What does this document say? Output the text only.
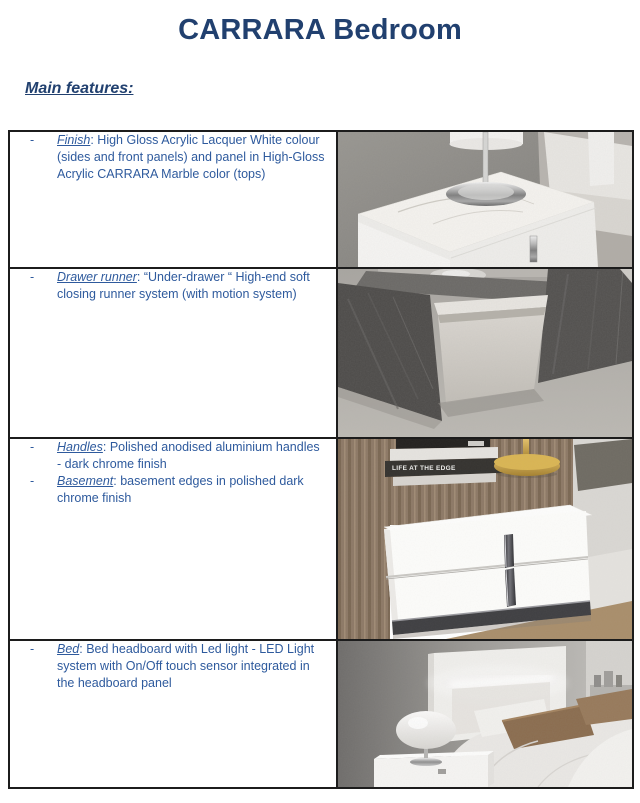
CARRARA Bedroom
Main features:
- Finish: High Gloss Acrylic Lacquer White colour (sides and front panels) and panel in High-Gloss Acrylic CARRARA Marble color (tops)

- Drawer runner: “Under-drawer “ High-end soft closing runner system (with motion system)

- Handles: Polished anodised aluminium handles - dark chrome finish
- Basement: basement edges in polished dark chrome finish	LIFE AT THE EDGE

- Bed: Bed headboard with Led light - LED Light system with On/Off touch sensor integrated in the headboard panel
